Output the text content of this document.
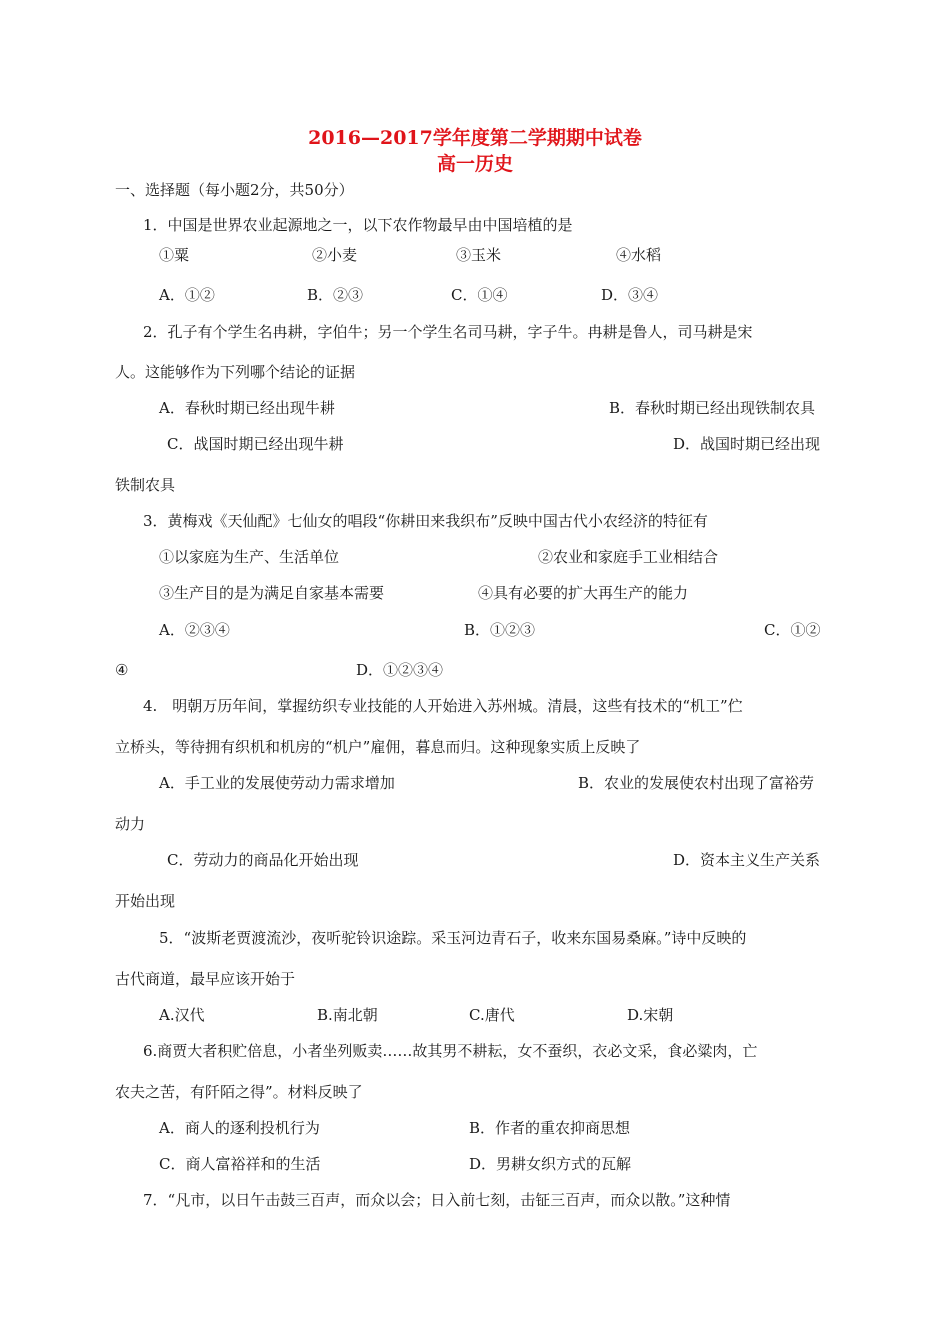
2016—2017学年度第二学期期中试卷
高一历史
一、选择题（每小题2分，共50分）
1．中国是世界农业起源地之一，以下农作物最早由中国培植的是
①粟	②小麦	③玉米	④水稻
A．①②	B．②③	C．①④	D．③④
2．孔子有个学生名冉耕，字伯牛；另一个学生名司马耕，字子牛。冉耕是鲁人，司马耕是宋
人。这能够作为下列哪个结论的证据
A．春秋时期已经出现牛耕	B．春秋时期已经出现铁制农具
C．战国时期已经出现牛耕	D．战国时期已经出现
铁制农具
3．黄梅戏《天仙配》七仙女的唱段“你耕田来我织布”反映中国古代小农经济的特征有
①以家庭为生产、生活单位	②农业和家庭手工业相结合
③生产目的是为满足自家基本需要	④具有必要的扩大再生产的能力
A．②③④	B．①②③	C．①②
④	D．①②③④
4.　明朝万历年间，掌握纺织专业技能的人开始进入苏州城。清晨，这些有技术的“机工”伫
立桥头，等待拥有织机和机房的“机户”雇佣，暮息而归。这种现象实质上反映了
A．手工业的发展使劳动力需求增加	B．农业的发展使农村出现了富裕劳
动力
C．劳动力的商品化开始出现	D．资本主义生产关系
开始出现
5．“波斯老贾渡流沙，夜听驼铃识途踪。采玉河边青石子，收来东国易桑麻。”诗中反映的
古代商道，最早应该开始于
A.汉代	B.南北朝	C.唐代	D.宋朝
6.商贾大者积贮倍息，小者坐列贩卖……故其男不耕耘，女不蚕织，衣必文采，食必粱肉，亡
农夫之苦，有阡陌之得”。材料反映了
A．商人的逐利投机行为	B．作者的重农抑商思想
C．商人富裕祥和的生活	D．男耕女织方式的瓦解
7．“凡市，以日午击鼓三百声，而众以会；日入前七刻，击钲三百声，而众以散。”这种情
